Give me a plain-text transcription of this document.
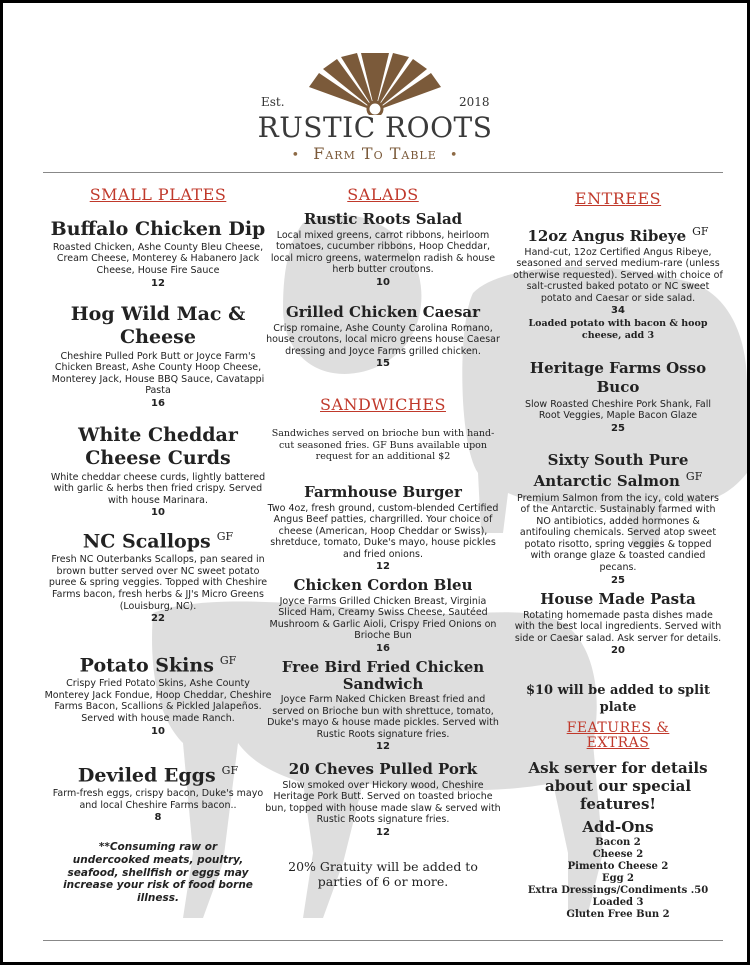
Est.	2018
RUSTIC ROOTS
• Farm To Table •
SMALL PLATES

Buffalo Chicken Dip

Roasted Chicken, Ashe County Bleu Cheese, Cream Cheese, Monterey & Habanero Jack Cheese, House Fire Sauce

12

Hog Wild Mac & Cheese

Cheshire Pulled Pork Butt or Joyce Farm's Chicken Breast, Ashe County Hoop Cheese, Monterey Jack, House BBQ Sauce, Cavatappi Pasta

16

White Cheddar Cheese Curds

White cheddar cheese curds, lightly battered with garlic & herbs then fried crispy. Served with house Marinara.

10

NC Scallops $^{GF}$

Fresh NC Outerbanks Scallops, pan seared in brown butter served over NC sweet potato puree & spring veggies. Topped with Cheshire Farms bacon, fresh herbs & JJ's Micro Greens (Louisburg, NC).

22

Potato Skins $^{GF}$

Crispy Fried Potato Skins, Ashe County Monterey Jack Fondue, Hoop Cheddar, Cheshire Farms Bacon, Scallions & Pickled Jalapeños. Served with house made Ranch.

10

Deviled Eggs $^{GF}$

Farm-fresh eggs, crispy bacon, Duke's mayo and local Cheshire Farms bacon..

8

**Consuming raw or undercooked meats, poultry, seafood, shellfish or eggs may increase your risk of food borne illness.

SALADS

Rustic Roots Salad

Local mixed greens, carrot ribbons, heirloom tomatoes, cucumber ribbons, Hoop Cheddar, local micro greens, watermelon radish & house herb butter croutons.

10

Grilled Chicken Caesar

Crisp romaine, Ashe County Carolina Romano, house croutons, local micro greens house Caesar dressing and Joyce Farms grilled chicken.

15

SANDWICHES

Sandwiches served on brioche bun with hand-cut seasoned fries. GF Buns available upon request for an additional $2

Farmhouse Burger

Two 4oz, fresh ground, custom-blended Certified Angus Beef patties, chargrilled. Your choice of cheese (American, Hoop Cheddar or Swiss), shretduce, tomato, Duke's mayo, house pickles and fried onions.

12

Chicken Cordon Bleu

Joyce Farms Grilled Chicken Breast, Virginia Sliced Ham, Creamy Swiss Cheese, Sautéed Mushroom & Garlic Aioli, Crispy Fried Onions on Brioche Bun

16

Free Bird Fried Chicken Sandwich

Joyce Farm Naked Chicken Breast fried and served on Brioche bun with shrettuce, tomato, Duke's mayo & house made pickles. Served with Rustic Roots signature fries.

12

20 Cheves Pulled Pork

Slow smoked over Hickory wood, Cheshire Heritage Pork Butt. Served on toasted brioche bun, topped with house made slaw & served with Rustic Roots signature fries.

12

20% Gratuity will be added to parties of 6 or more.

ENTREES

12oz Angus Ribeye $^{GF}$

Hand-cut, 12oz Certified Angus Ribeye, seasoned and served medium-rare (unless otherwise requested). Served with choice of salt-crusted baked potato or NC sweet potato and Caesar or side salad.

34

Loaded potato with bacon & hoop cheese, add 3

Heritage Farms Osso Buco

Slow Roasted Cheshire Pork Shank, Fall Root Veggies, Maple Bacon Glaze

25

Sixty South Pure Antarctic Salmon $^{GF}$

Premium Salmon from the icy, cold waters of the Antarctic. Sustainably farmed with NO antibiotics, added hormones & antifouling chemicals. Served atop sweet potato risotto, spring veggies & topped with orange glaze & toasted candied pecans.

25

House Made Pasta

Rotating homemade pasta dishes made with the best local ingredients. Served with side or Caesar salad. Ask server for details.

20

$10 will be added to split plate

FEATURES & EXTRAS

Ask server for details about our special features!

Add-Ons

Bacon 2

Cheese 2

Pimento Cheese 2

Egg 2

Extra Dressings/Condiments .50

Loaded 3

Gluten Free Bun 2
